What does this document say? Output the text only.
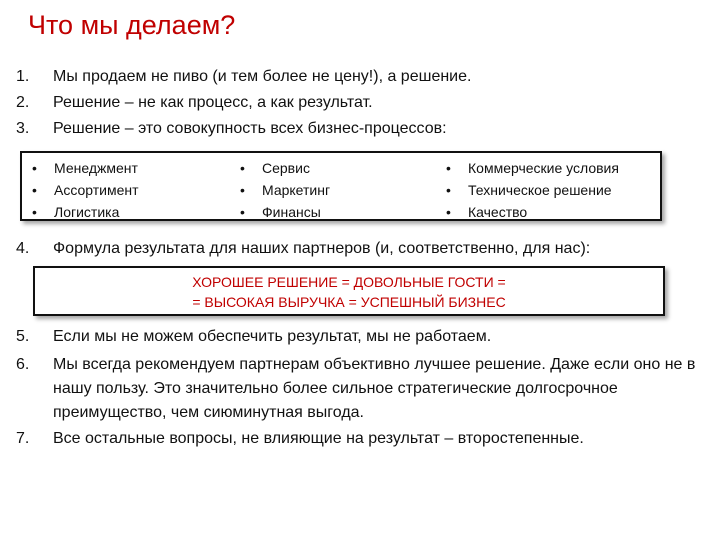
Что мы делаем?
1.	Мы продаем не пиво (и тем более не цену!), а решение.
2.	Решение – не как процесс, а как результат.
3.	Решение – это совокупность всех бизнес-процессов:
•	Менеджмент
•	Ассортимент
•	Логистика
•	Сервис
•	Маркетинг
•	Финансы
•	Коммерческие условия
•	Техническое решение
•	Качество
4.	Формула результата для наших партнеров (и, соответственно, для нас):
ХОРОШЕЕ РЕШЕНИЕ = ДОВОЛЬНЫЕ ГОСТИ =
= ВЫСОКАЯ ВЫРУЧКА = УСПЕШНЫЙ БИЗНЕС
5.	Если мы не можем обеспечить результат, мы не работаем.
6.	Мы всегда рекомендуем партнерам объективно лучшее решение. Даже если оно не в нашу пользу. Это значительно более сильное стратегические долгосрочное преимущество, чем сиюминутная выгода.
7.	Все остальные вопросы, не влияющие на результат – второстепенные.
